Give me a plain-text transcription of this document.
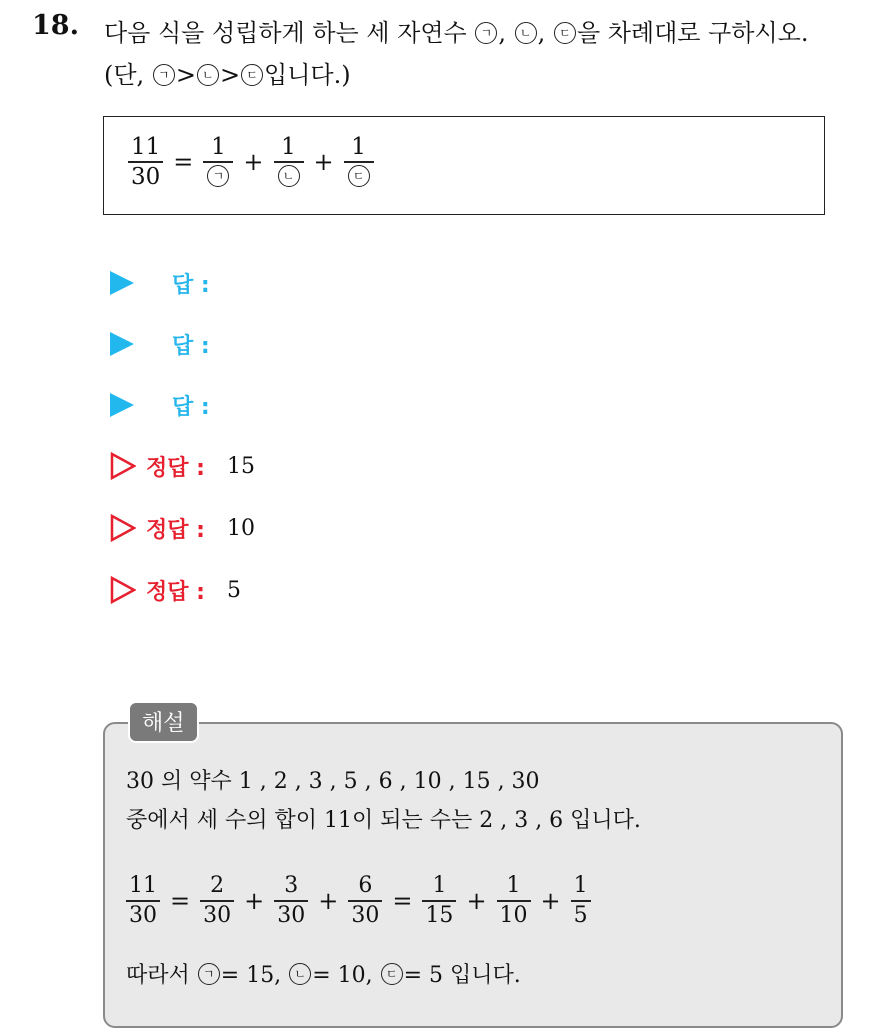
18. 다음 식을 성립하게 하는 세 자연수 ㄱ , ㄴ , ㄷ 을 차례대로 구하시오.
(단, ㄱ > ㄴ > ㄷ 입니다.)
$\frac{11}{30} = \frac{1}{\text{ㄱ}} + \frac{1}{\text{ㄴ}} + \frac{1}{\text{ㄷ}}$
답 :
답 :
답 :
정답 : 15
정답 : 10
정답 : 5
해설
30 의 약수 1 , 2 , 3 , 5 , 6 , 10 , 15 , 30
중에서 세 수의 합이 11이 되는 수는 2 , 3 , 6 입니다.
$\frac{11}{30} = \frac{2}{30} + \frac{3}{30} + \frac{6}{30} = \frac{1}{15} + \frac{1}{10} + \frac{1}{5}$
따라서 ㄱ = 15, ㄴ = 10, ㄷ = 5 입니다.
